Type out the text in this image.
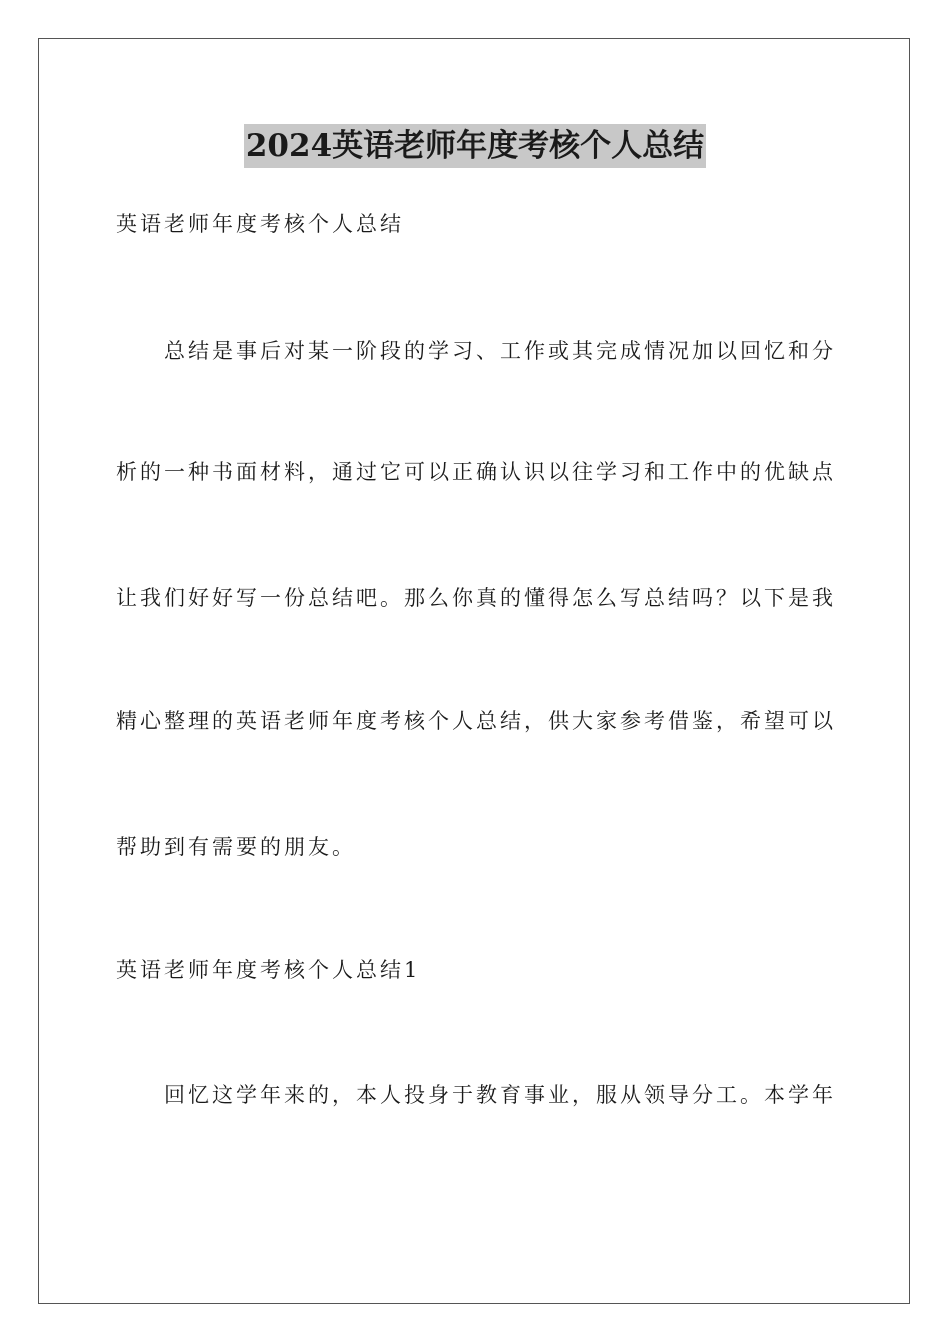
2024英语老师年度考核个人总结
英语老师年度考核个人总结
总结是事后对某一阶段的学习、工作或其完成情况加以回忆和分
析的一种书面材料，通过它可以正确认识以往学习和工作中的优缺点
让我们好好写一份总结吧。那么你真的懂得怎么写总结吗？以下是我
精心整理的英语老师年度考核个人总结，供大家参考借鉴，希望可以
帮助到有需要的朋友。
英语老师年度考核个人总结1
回忆这学年来的，本人投身于教育事业，服从领导分工。本学年
